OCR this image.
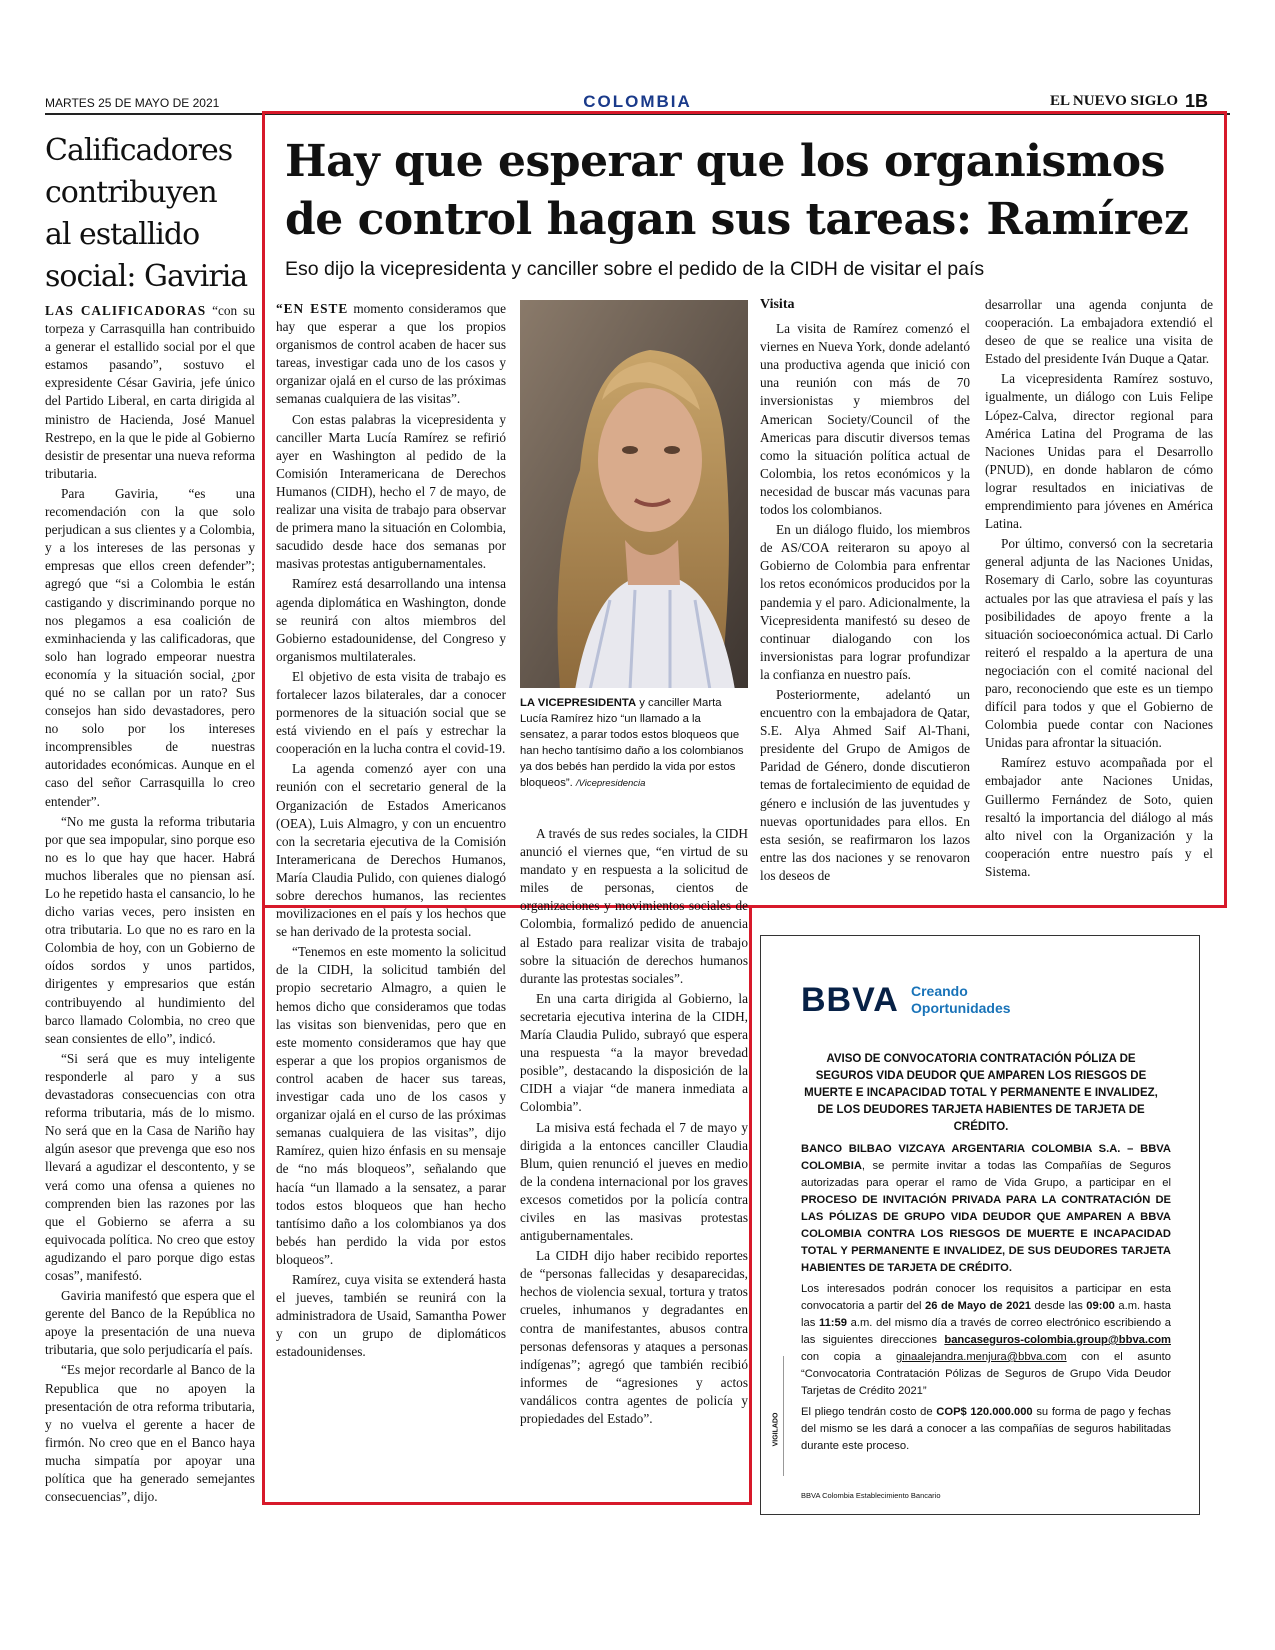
MARTES 25 DE MAYO DE 2021	COLOMBIA	EL NUEVO SIGLO 1B
Calificadores contribuyen al estallido social: Gaviria

LAS CALIFICADORAS “con su torpeza y Carrasquilla han contribuido a generar el estallido social por el que estamos pasando”, sostuvo el expresidente César Gaviria, jefe único del Partido Liberal, en carta dirigida al ministro de Hacienda, José Manuel Restrepo, en la que le pide al Gobierno desistir de presentar una nueva reforma tributaria.

Para Gaviria, “es una recomendación con la que solo perjudican a sus clientes y a Colombia, y a los intereses de las personas y empresas que ellos creen defender”; agregó que “si a Colombia le están castigando y discriminando porque no nos plegamos a esa coalición de exminhacienda y las calificadoras, que solo han logrado empeorar nuestra economía y la situación social, ¿por qué no se callan por un rato? Sus consejos han sido devastadores, pero no solo por los intereses incomprensibles de nuestras autoridades económicas. Aunque en el caso del señor Carrasquilla lo creo entender”.

“No me gusta la reforma tributaria por que sea impopular, sino porque eso no es lo que hay que hacer. Habrá muchos liberales que no piensan así. Lo he repetido hasta el cansancio, lo he dicho varias veces, pero insisten en otra tributaria. Lo que no es raro en la Colombia de hoy, con un Gobierno de oídos sordos y unos partidos, dirigentes y empresarios que están contribuyendo al hundimiento del barco llamado Colombia, no creo que sean consientes de ello”, indicó.

“Si será que es muy inteligente responderle al paro y a sus devastadoras consecuencias con otra reforma tributaria, más de lo mismo. No será que en la Casa de Nariño hay algún asesor que prevenga que eso nos llevará a agudizar el descontento, y se verá como una ofensa a quienes no comprenden bien las razones por las que el Gobierno se aferra a su equivocada política. No creo que estoy agudizando el paro porque digo estas cosas”, manifestó.

Gaviria manifestó que espera que el gerente del Banco de la República no apoye la presentación de una nueva tributaria, que solo perjudicaría el país.

“Es mejor recordarle al Banco de la Republica que no apoyen la presentación de otra reforma tributaria, y no vuelva el gerente a hacer de firmón. No creo que en el Banco haya mucha simpatía por apoyar una política que ha generado semejantes consecuencias”, dijo.

Hay que esperar que los organismos de control hagan sus tareas: Ramírez
Eso dijo la vicepresidenta y canciller sobre el pedido de la CIDH de visitar el país

“EN ESTE momento consideramos que hay que esperar a que los propios organismos de control acaben de hacer sus tareas, investigar cada uno de los casos y organizar ojalá en el curso de las próximas semanas cualquiera de las visitas”.

Con estas palabras la vicepresidenta y canciller Marta Lucía Ramírez se refirió ayer en Washington al pedido de la Comisión Interamericana de Derechos Humanos (CIDH), hecho el 7 de mayo, de realizar una visita de trabajo para observar de primera mano la situación en Colombia, sacudido desde hace dos semanas por masivas protestas antigubernamentales.

Ramírez está desarrollando una intensa agenda diplomática en Washington, donde se reunirá con altos miembros del Gobierno estadounidense, del Congreso y organismos multilaterales.

El objetivo de esta visita de trabajo es fortalecer lazos bilaterales, dar a conocer pormenores de la situación social que se está viviendo en el país y estrechar la cooperación en la lucha contra el covid-19.

La agenda comenzó ayer con una reunión con el secretario general de la Organización de Estados Americanos (OEA), Luis Almagro, y con un encuentro con la secretaria ejecutiva de la Comisión Interamericana de Derechos Humanos, María Claudia Pulido, con quienes dialogó sobre derechos humanos, las recientes movilizaciones en el país y los hechos que se han derivado de la protesta social.

“Tenemos en este momento la solicitud de la CIDH, la solicitud también del propio secretario Almagro, a quien le hemos dicho que consideramos que todas las visitas son bienvenidas, pero que en este momento consideramos que hay que esperar a que los propios organismos de control acaben de hacer sus tareas, investigar cada uno de los casos y organizar ojalá en el curso de las próximas semanas cualquiera de las visitas”, dijo Ramírez, quien hizo énfasis en su mensaje de “no más bloqueos”, señalando que hacía “un llamado a la sensatez, a parar todos estos bloqueos que han hecho tantísimo daño a los colombianos ya dos bebés han perdido la vida por estos bloqueos”.

Ramírez, cuya visita se extenderá hasta el jueves, también se reunirá con la administradora de Usaid, Samantha Power y con un grupo de diplomáticos estadounidenses.

LA VICEPRESIDENTA y canciller Marta Lucía Ramírez hizo “un llamado a la sensatez, a parar todos estos bloqueos que han hecho tantísimo daño a los colombianos ya dos bebés han perdido la vida por estos bloqueos”. /Vicepresidencia

A través de sus redes sociales, la CIDH anunció el viernes que, “en virtud de su mandato y en respuesta a la solicitud de miles de personas, cientos de organizaciones y movimientos sociales de Colombia, formalizó pedido de anuencia al Estado para realizar visita de trabajo sobre la situación de derechos humanos durante las protestas sociales”.

En una carta dirigida al Gobierno, la secretaria ejecutiva interina de la CIDH, María Claudia Pulido, subrayó que espera una respuesta “a la mayor brevedad posible”, destacando la disposición de la CIDH a viajar “de manera inmediata a Colombia”.

La misiva está fechada el 7 de mayo y dirigida a la entonces canciller Claudia Blum, quien renunció el jueves en medio de la condena internacional por los graves excesos cometidos por la policía contra civiles en las masivas protestas antigubernamentales.

La CIDH dijo haber recibido reportes de “personas fallecidas y desaparecidas, hechos de violencia sexual, tortura y tratos crueles, inhumanos y degradantes en contra de manifestantes, abusos contra personas defensoras y ataques a personas indígenas”; agregó que también recibió informes de “agresiones y actos vandálicos contra agentes de policía y propiedades del Estado”.

Visita

La visita de Ramírez comenzó el viernes en Nueva York, donde adelantó una productiva agenda que inició con una reunión con más de 70 inversionistas y miembros del American Society/Council of the Americas para discutir diversos temas como la situación política actual de Colombia, los retos económicos y la necesidad de buscar más vacunas para todos los colombianos.

En un diálogo fluido, los miembros de AS/COA reiteraron su apoyo al Gobierno de Colombia para enfrentar los retos económicos producidos por la pandemia y el paro. Adicionalmente, la Vicepresidenta manifestó su deseo de continuar dialogando con los inversionistas para lograr profundizar la confianza en nuestro país.

Posteriormente, adelantó un encuentro con la embajadora de Qatar, S.E. Alya Ahmed Saif Al-Thani, presidente del Grupo de Amigos de Paridad de Género, donde discutieron temas de fortalecimiento de equidad de género e inclusión de las juventudes y nuevas oportunidades para ellos. En esta sesión, se reafirmaron los lazos entre las dos naciones y se renovaron los deseos de

desarrollar una agenda conjunta de cooperación. La embajadora extendió el deseo de que se realice una visita de Estado del presidente Iván Duque a Qatar.

La vicepresidenta Ramírez sostuvo, igualmente, un diálogo con Luis Felipe López-Calva, director regional para América Latina del Programa de las Naciones Unidas para el Desarrollo (PNUD), en donde hablaron de cómo lograr resultados en iniciativas de emprendimiento para jóvenes en América Latina.

Por último, conversó con la secretaria general adjunta de las Naciones Unidas, Rosemary di Carlo, sobre las coyunturas actuales por las que atraviesa el país y las posibilidades de apoyo frente a la situación socioeconómica actual. Di Carlo reiteró el respaldo a la apertura de una negociación con el comité nacional del paro, reconociendo que este es un tiempo difícil para todos y que el Gobierno de Colombia puede contar con Naciones Unidas para afrontar la situación.

Ramírez estuvo acompañada por el embajador ante Naciones Unidas, Guillermo Fernández de Soto, quien resaltó la importancia del diálogo al más alto nivel con la Organización y la cooperación entre nuestro país y el Sistema.

BBVA Creando
Oportunidades
AVISO DE CONVOCATORIA CONTRATACIÓN PÓLIZA DE SEGUROS VIDA DEUDOR QUE AMPAREN LOS RIESGOS DE MUERTE E INCAPACIDAD TOTAL Y PERMANENTE E INVALIDEZ, DE LOS DEUDORES TARJETA HABIENTES DE TARJETA DE CRÉDITO.

BANCO BILBAO VIZCAYA ARGENTARIA COLOMBIA S.A. – BBVA COLOMBIA, se permite invitar a todas las Compañías de Seguros autorizadas para operar el ramo de Vida Grupo, a participar en el PROCESO DE INVITACIÓN PRIVADA PARA LA CONTRATACIÓN DE LAS PÓLIZAS DE GRUPO VIDA DEUDOR QUE AMPAREN A BBVA COLOMBIA CONTRA LOS RIESGOS DE MUERTE E INCAPACIDAD TOTAL Y PERMANENTE E INVALIDEZ, DE SUS DEUDORES TARJETA HABIENTES DE TARJETA DE CRÉDITO.

Los interesados podrán conocer los requisitos a participar en esta convocatoria a partir del 26 de Mayo de 2021 desde las 09:00 a.m. hasta las 11:59 a.m. del mismo día a través de correo electrónico escribiendo a las siguientes direcciones bancaseguros-colombia.group@bbva.com con copia a ginaalejandra.menjura@bbva.com con el asunto “Convocatoria Contratación Pólizas de Seguros de Grupo Vida Deudor Tarjetas de Crédito 2021”

El pliego tendrán costo de COP$ 120.000.000 su forma de pago y fechas del mismo se les dará a conocer a las compañías de seguros habilitadas durante este proceso.

VIGILADO
BBVA Colombia Establecimiento Bancario
